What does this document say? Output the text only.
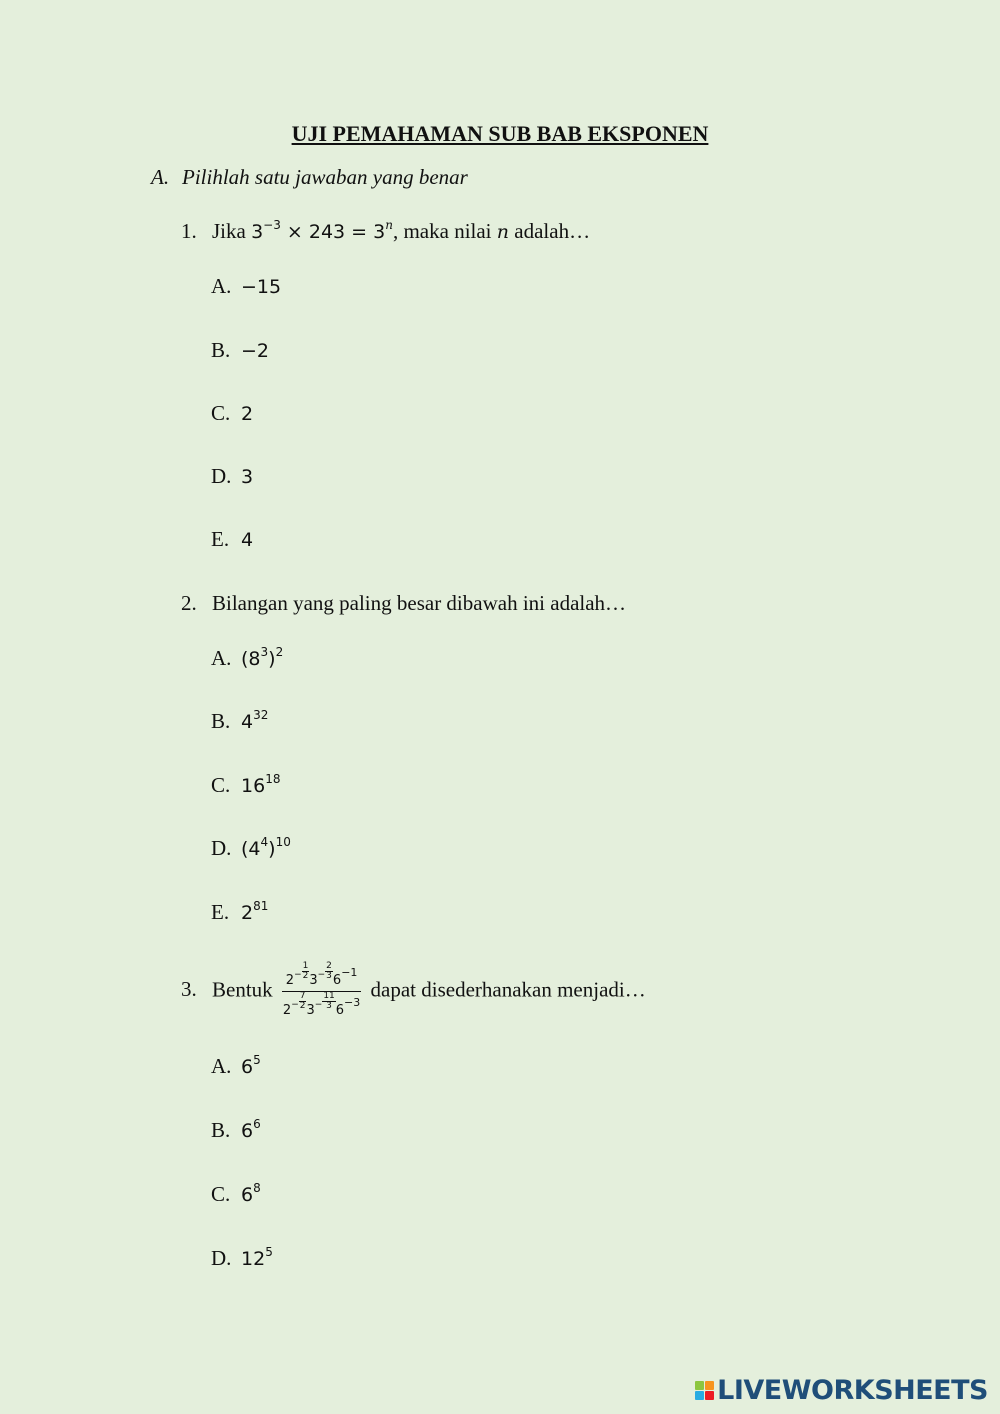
UJI PEMAHAMAN SUB BAB EKSPONEN
A. Pilihlah satu jawaban yang benar
1. Jika $3^{-3} \times 243 = 3^n$, maka nilai n adalah…
A. −15
B. −2
C. 2
D. 3
E. 4
2. Bilangan yang paling besar dibawah ini adalah…
A. $(8^3)^2$
B. $4^{32}$
C. $16^{18}$
D. $(4^4)^{10}$
E. $2^{81}$
3. Bentuk $\frac{2^- \frac{1}{2} 3^- \frac{2}{3} 6^{-1}}{2^- \frac{7}{2} 3^- \frac{11}{3} 6^{-3}}$ dapat disederhanakan menjadi…
A. $6^5$
B. $6^6$
C. $6^8$
D. $12^5$
LIVEWORKSHEETS
